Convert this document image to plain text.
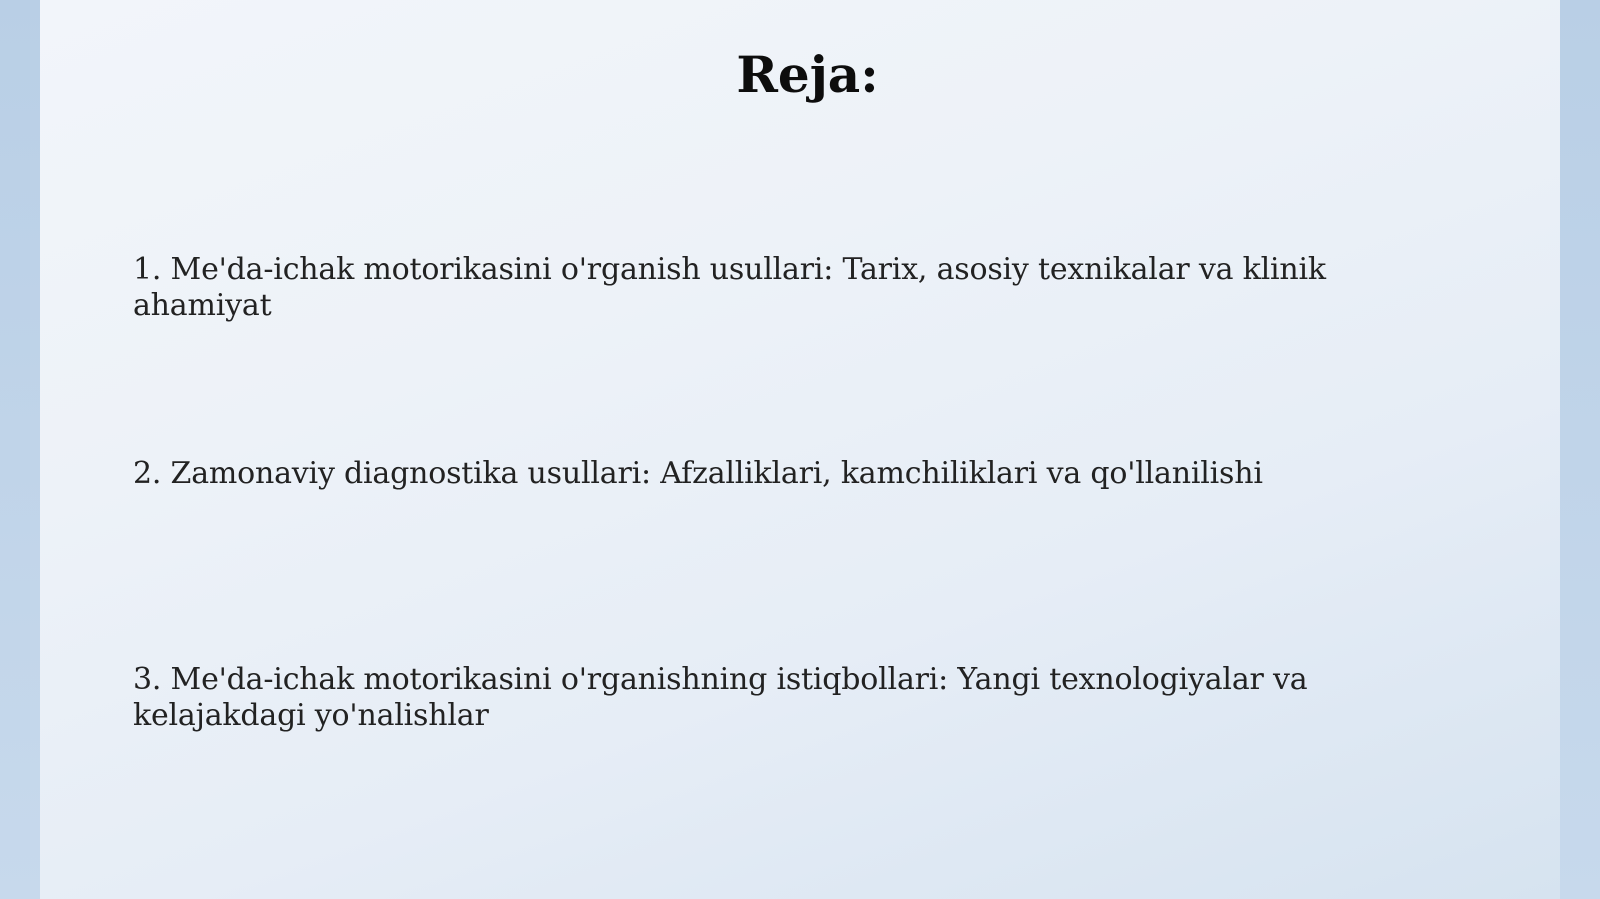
Reja:

1. Me'da-ichak motorikasini o'rganish usullari: Tarix, asosiy texnikalar va klinik ahamiyat

2. Zamonaviy diagnostika usullari: Afzalliklari, kamchiliklari va qo'llanilishi

3. Me'da-ichak motorikasini o'rganishning istiqbollari: Yangi texnologiyalar va kelajakdagi yo'nalishlar
